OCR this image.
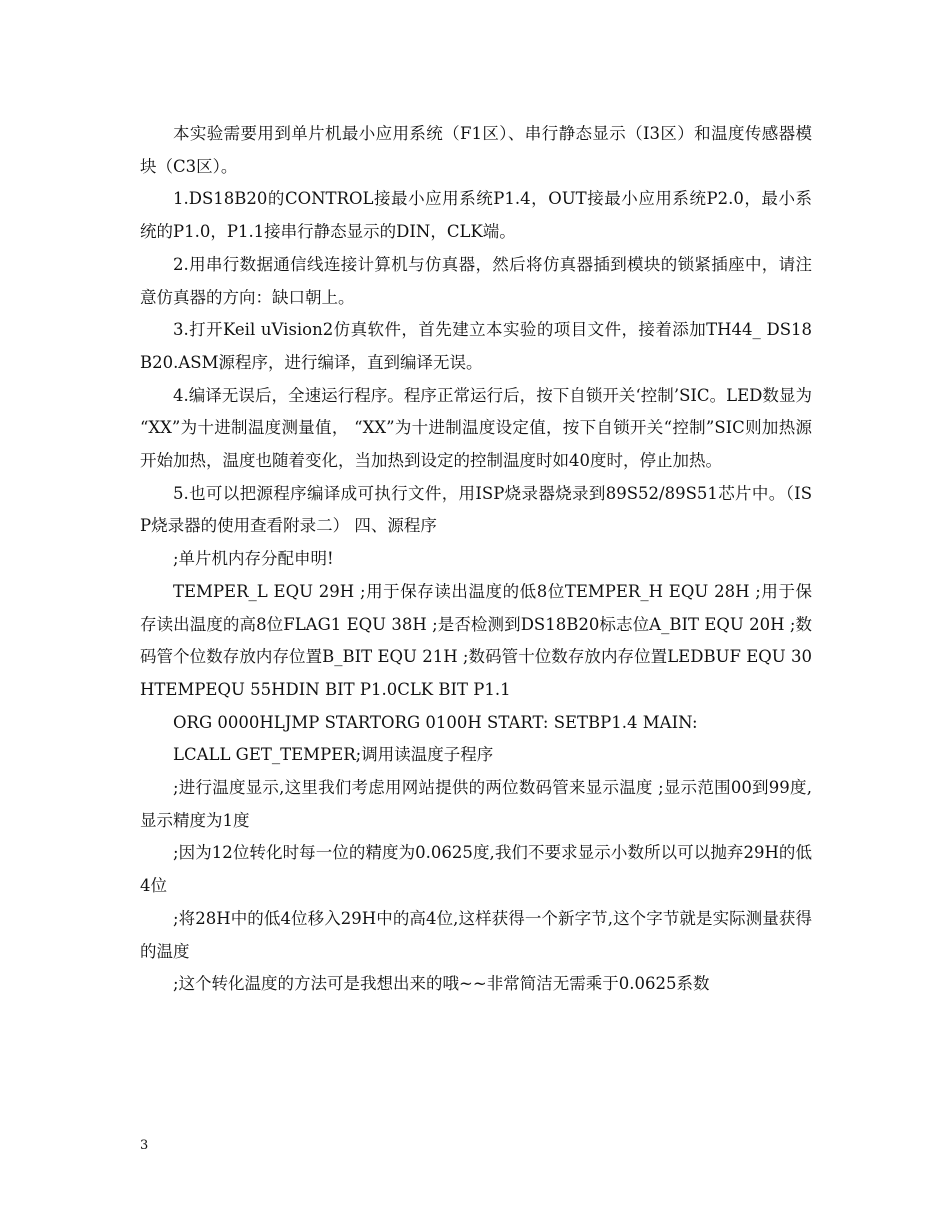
本实验需要用到单片机最小应用系统（F1区）、串行静态显示（I3区）和温度传感器模块（C3区）。

1.DS18B20的CONTROL接最小应用系统P1.4，OUT接最小应用系统P2.0，最小系统的P1.0，P1.1接串行静态显示的DIN，CLK端。

2.用串行数据通信线连接计算机与仿真器，然后将仿真器插到模块的锁紧插座中，请注意仿真器的方向：缺口朝上。

3.打开Keil uVision2仿真软件，首先建立本实验的项目文件，接着添加TH44_ DS18B20.ASM源程序，进行编译，直到编译无误。

4.编译无误后，全速运行程序。程序正常运行后，按下自锁开关‘控制’SIC。LED数显为 “XX”为十进制温度测量值， “XX”为十进制温度设定值，按下自锁开关“控制”SIC则加热源开始加热，温度也随着变化，当加热到设定的控制温度时如40度时，停止加热。

5.也可以把源程序编译成可执行文件，用ISP烧录器烧录到89S52/89S51芯片中。（ISP烧录器的使用查看附录二） 四、源程序

;单片机内存分配申明!

TEMPER_L EQU 29H ;用于保存读出温度的低8位TEMPER_H EQU 28H ;用于保存读出温度的高8位FLAG1 EQU 38H ;是否检测到DS18B20标志位A_BIT EQU 20H ;数码管个位数存放内存位置B_BIT EQU 21H ;数码管十位数存放内存位置LEDBUF EQU 30HTEMPEQU 55HDIN BIT P1.0CLK BIT P1.1

ORG 0000HLJMP STARTORG 0100H START: SETBP1.4 MAIN:

LCALL GET_TEMPER;调用读温度子程序

;进行温度显示,这里我们考虑用网站提供的两位数码管来显示温度 ;显示范围00到99度,显示精度为1度

;因为12位转化时每一位的精度为0.0625度,我们不要求显示小数所以可以抛弃29H的低4位

;将28H中的低4位移入29H中的高4位,这样获得一个新字节,这个字节就是实际测量获得的温度

;这个转化温度的方法可是我想出来的哦~~非常简洁无需乘于0.0625系数

3
